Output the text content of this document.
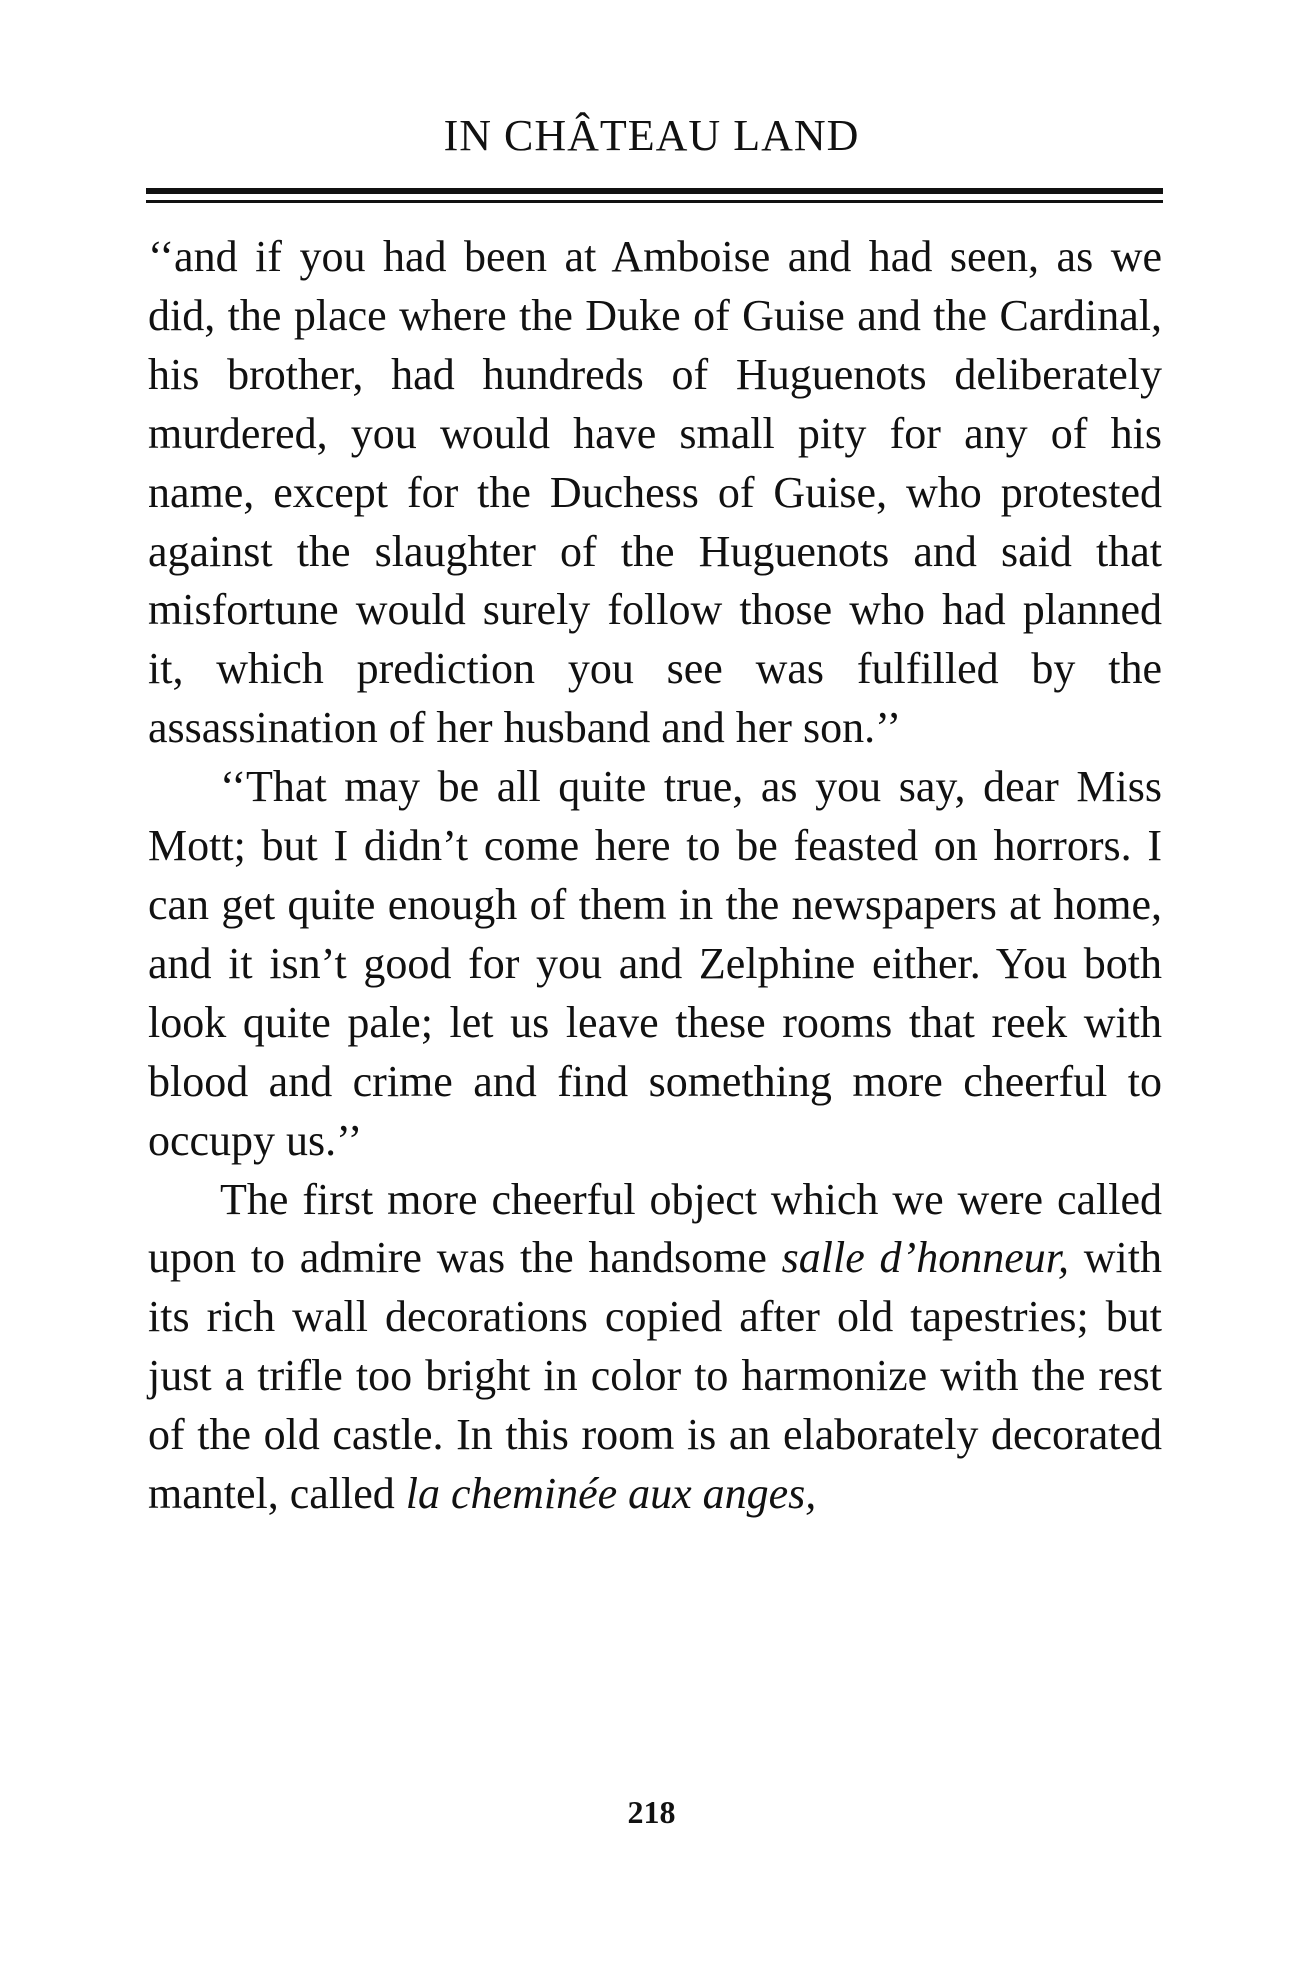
IN CHÂTEAU LAND

‘‘and if you had been at Amboise and had seen, as we did, the place where the Duke of Guise and the Cardinal, his brother, had hundreds of Huguenots deliberately murdered, you would have small pity for any of his name, except for the Duchess of Guise, who protested against the slaughter of the Huguenots and said that misfortune would surely follow those who had planned it, which prediction you see was fulfilled by the assassination of her husband and her son.’’

‘‘That may be all quite true, as you say, dear Miss Mott; but I didn’t come here to be feasted on horrors. I can get quite enough of them in the newspapers at home, and it isn’t good for you and Zelphine either. You both look quite pale; let us leave these rooms that reek with blood and crime and find something more cheerful to occupy us.’’

The first more cheerful object which we were called upon to admire was the handsome salle d’honneur, with its rich wall decorations copied after old tapestries; but just a trifle too bright in color to harmonize with the rest of the old castle. In this room is an elaborately decorated mantel, called la cheminée aux anges,

218
